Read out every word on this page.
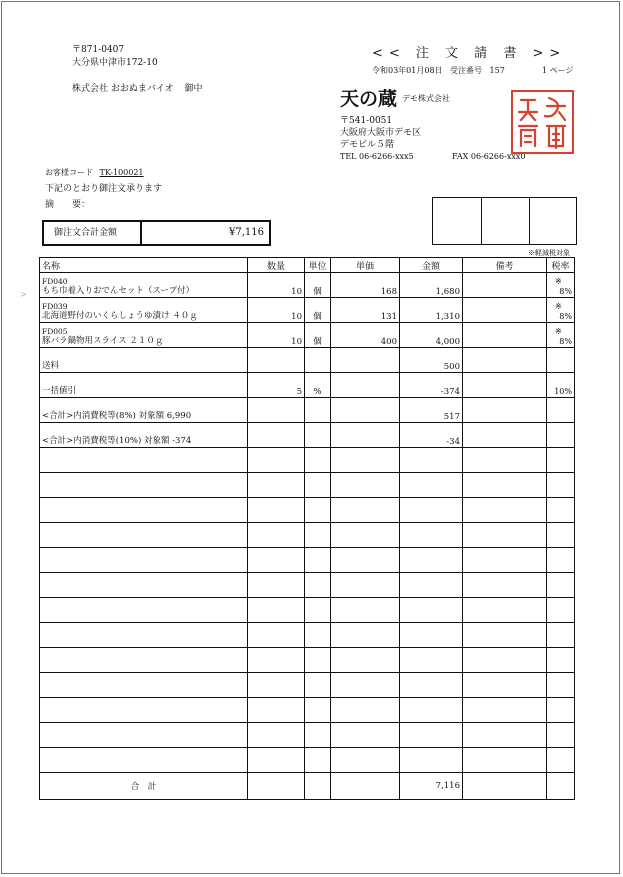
>
〒871-0407
大分県中津市172-10
株式会社 おおぬまバイオ 御中
お客様コード TK-100021
下記のとおり御注文承ります
摘　　要：
<< 注 文 請 書 >>
令和03年01月08日 受注番号 157	1 ページ
天の蔵 デモ株式会社
〒541-0051
大阪府大阪市デモ区
デモビル５階
TEL 06-6266-xxx5	FAX 06-6266-xxx0
御注文合計金額	¥7,116
※軽減税対象
名称	数量	単位	単価	金額	備考	税率

FD040
もち巾着入りおでんセット（スープ付）	10	個	168	1,680		※
8%

FD039
北海道野付のいくらしょうゆ漬け ４０ｇ	10	個	131	1,310		※
8%

FD005
豚バラ鍋物用スライス ２１０ｇ	10	個	400	4,000		※
8%

送料				500		

一括値引	5	%		-374		10%

<合計>内消費税等(8%) 対象額 6,990				517		

<合計>内消費税等(10%) 対象額 -374				-34		

合　計				7,116		
